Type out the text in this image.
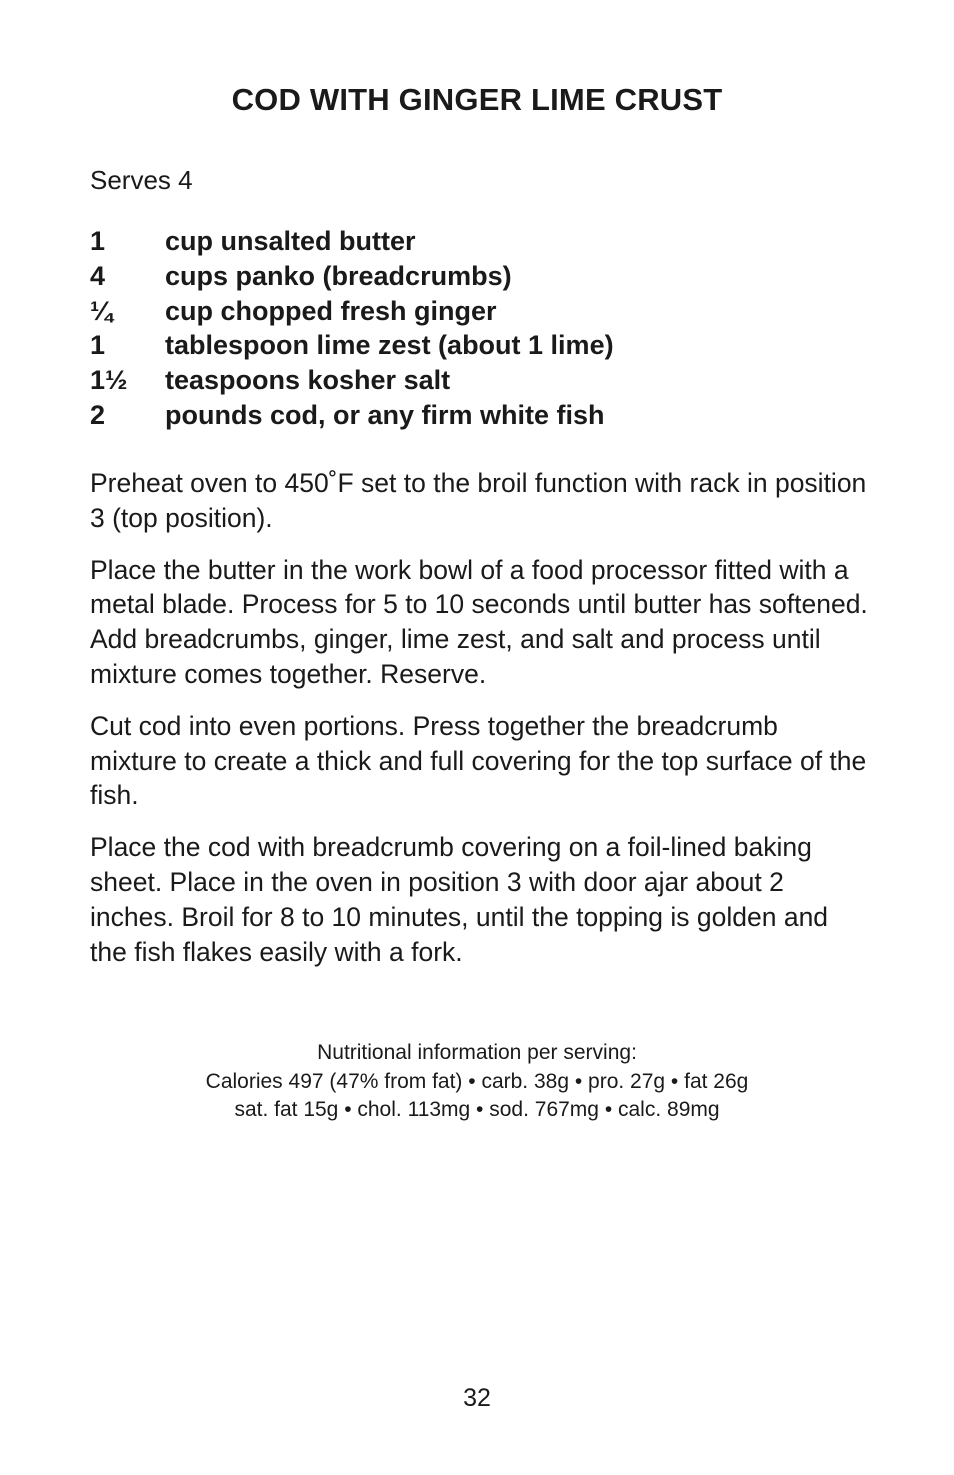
COD WITH GINGER LIME CRUST

Serves 4

1	cup unsalted butter
4	cups panko (breadcrumbs)
¼	cup chopped fresh ginger
1	tablespoon lime zest (about 1 lime)
1½	teaspoons kosher salt
2	pounds cod, or any firm white fish

Preheat oven to 450˚F set to the broil function with rack in position 3 (top position).

Place the butter in the work bowl of a food processor fitted with a metal blade. Process for 5 to 10 seconds until butter has softened. Add breadcrumbs, ginger, lime zest, and salt and process until mixture comes together. Reserve.

Cut cod into even portions. Press together the breadcrumb mixture to create a thick and full covering for the top surface of the fish.

Place the cod with breadcrumb covering on a foil-lined baking sheet. Place in the oven in position 3 with door ajar about 2 inches. Broil for 8 to 10 minutes, until the topping is golden and the fish flakes easily with a fork.

Nutritional information per serving:
Calories 497 (47% from fat) • carb. 38g • pro. 27g • fat 26g
sat. fat 15g • chol. 113mg • sod. 767mg • calc. 89mg
32
